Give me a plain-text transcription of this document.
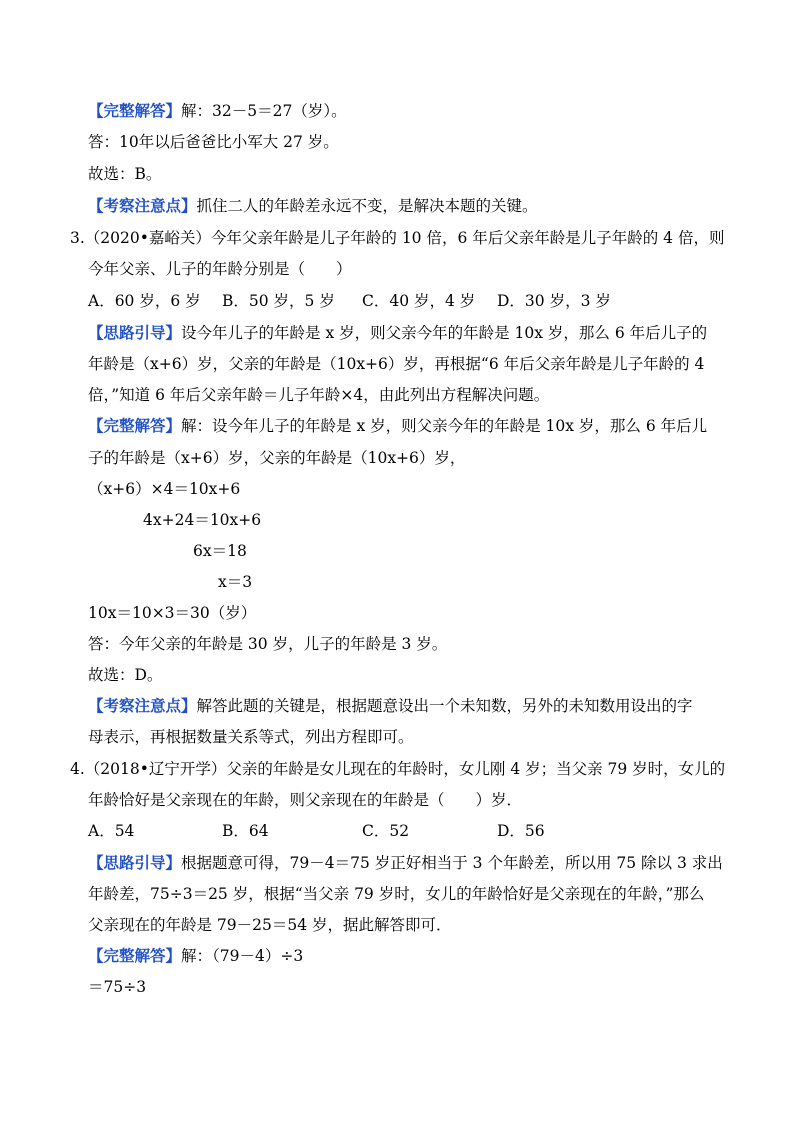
【完整解答】解：32－5＝27（岁）。
答：10年以后爸爸比小军大 27 岁。
故选：B。
【考察注意点】抓住二人的年龄差永远不变，是解决本题的关键。
3.（2020•嘉峪关）今年父亲年龄是儿子年龄的 10 倍，6 年后父亲年龄是儿子年龄的 4 倍，则
今年父亲、儿子的年龄分别是（　　）
A．60 岁，6 岁 B．50 岁，5 岁 C．40 岁，4 岁 D．30 岁，3 岁
【思路引导】设今年儿子的年龄是 x 岁，则父亲今年的年龄是 10x 岁，那么 6 年后儿子的
年龄是（x+6）岁，父亲的年龄是（10x+6）岁，再根据“6 年后父亲年龄是儿子年龄的 4
倍，”知道 6 年后父亲年龄＝儿子年龄×4，由此列出方程解决问题。
【完整解答】解：设今年儿子的年龄是 x 岁，则父亲今年的年龄是 10x 岁，那么 6 年后儿
子的年龄是（x+6）岁，父亲的年龄是（10x+6）岁，
（x+6）×4＝10x+6
4x+24＝10x+6
6x＝18
x＝3
10x＝10×3＝30（岁）
答：今年父亲的年龄是 30 岁，儿子的年龄是 3 岁。
故选：D。
【考察注意点】解答此题的关键是，根据题意设出一个未知数，另外的未知数用设出的字
母表示，再根据数量关系等式，列出方程即可。
4.（2018•辽宁开学）父亲的年龄是女儿现在的年龄时，女儿刚 4 岁；当父亲 79 岁时，女儿的
年龄恰好是父亲现在的年龄，则父亲现在的年龄是（　　）岁．
A．54	B．64	C．52	D．56
【思路引导】根据题意可得，79－4＝75 岁正好相当于 3 个年龄差，所以用 75 除以 3 求出
年龄差，75÷3＝25 岁，根据“当父亲 79 岁时，女儿的年龄恰好是父亲现在的年龄，”那么
父亲现在的年龄是 79－25＝54 岁，据此解答即可．
【完整解答】解：（79－4）÷3
＝75÷3
